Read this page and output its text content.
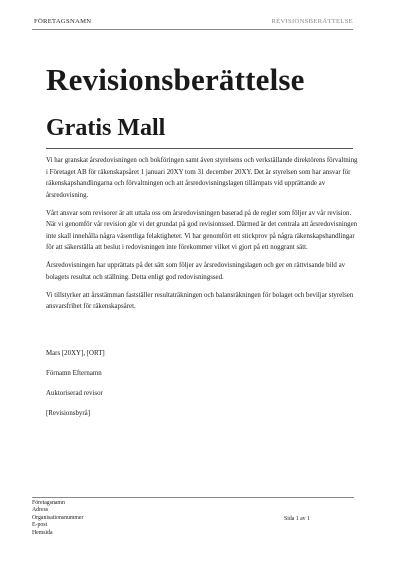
FÖRETAGSNAMN	REVISIONSBERÄTTELSE
Revisionsberättelse
Gratis Mall

Vi har granskat årsredovisningen och bokföringen samt även styrelsens och verkställande direktörens förvaltning i Företaget AB för räkenskapsåret 1 januari 20XY tom 31 december 20XY. Det är styrelsen som har ansvar för räkenskapshandlingarna och förvaltningen och att årsredovisningslagen tillämpats vid upprättande av årsredovisning.

Vårt ansvar som revisorer är att uttala oss om årsredovisningen baserad på de regler som följer av vår revision. När vi genomför vår revision gör vi det grundat på god revisionssed. Därmed är det centrala att årsredovisningen inte skall innehålla några väsentliga felaktigheter. Vi har genomfört ett stickprov på några räkenskapshandlingar för att säkerställa att beslut i redovisningen inte förekommer vilket vi gjort på ett noggrant sätt.

Årsredovisningen har upprättats på det sätt som följer av årsredovisningslagen och ger en rättvisande bild av bolagets resultat och ställning. Detta enligt god redovisningssed.

Vi tillstyrker att årsstämman fastställer resultaträkningen och balansräkningen för bolaget och beviljar styrelsen ansvarsfrihet för räkenskapsåret.

Mars [20XY], [ORT]

Förnamn Efternamn

Auktoriserad revisor

[Revisionsbyrå]

Företagsnamn
Adress
Organisationsnummer
E-post
Hemsida
Sida 1 av 1
